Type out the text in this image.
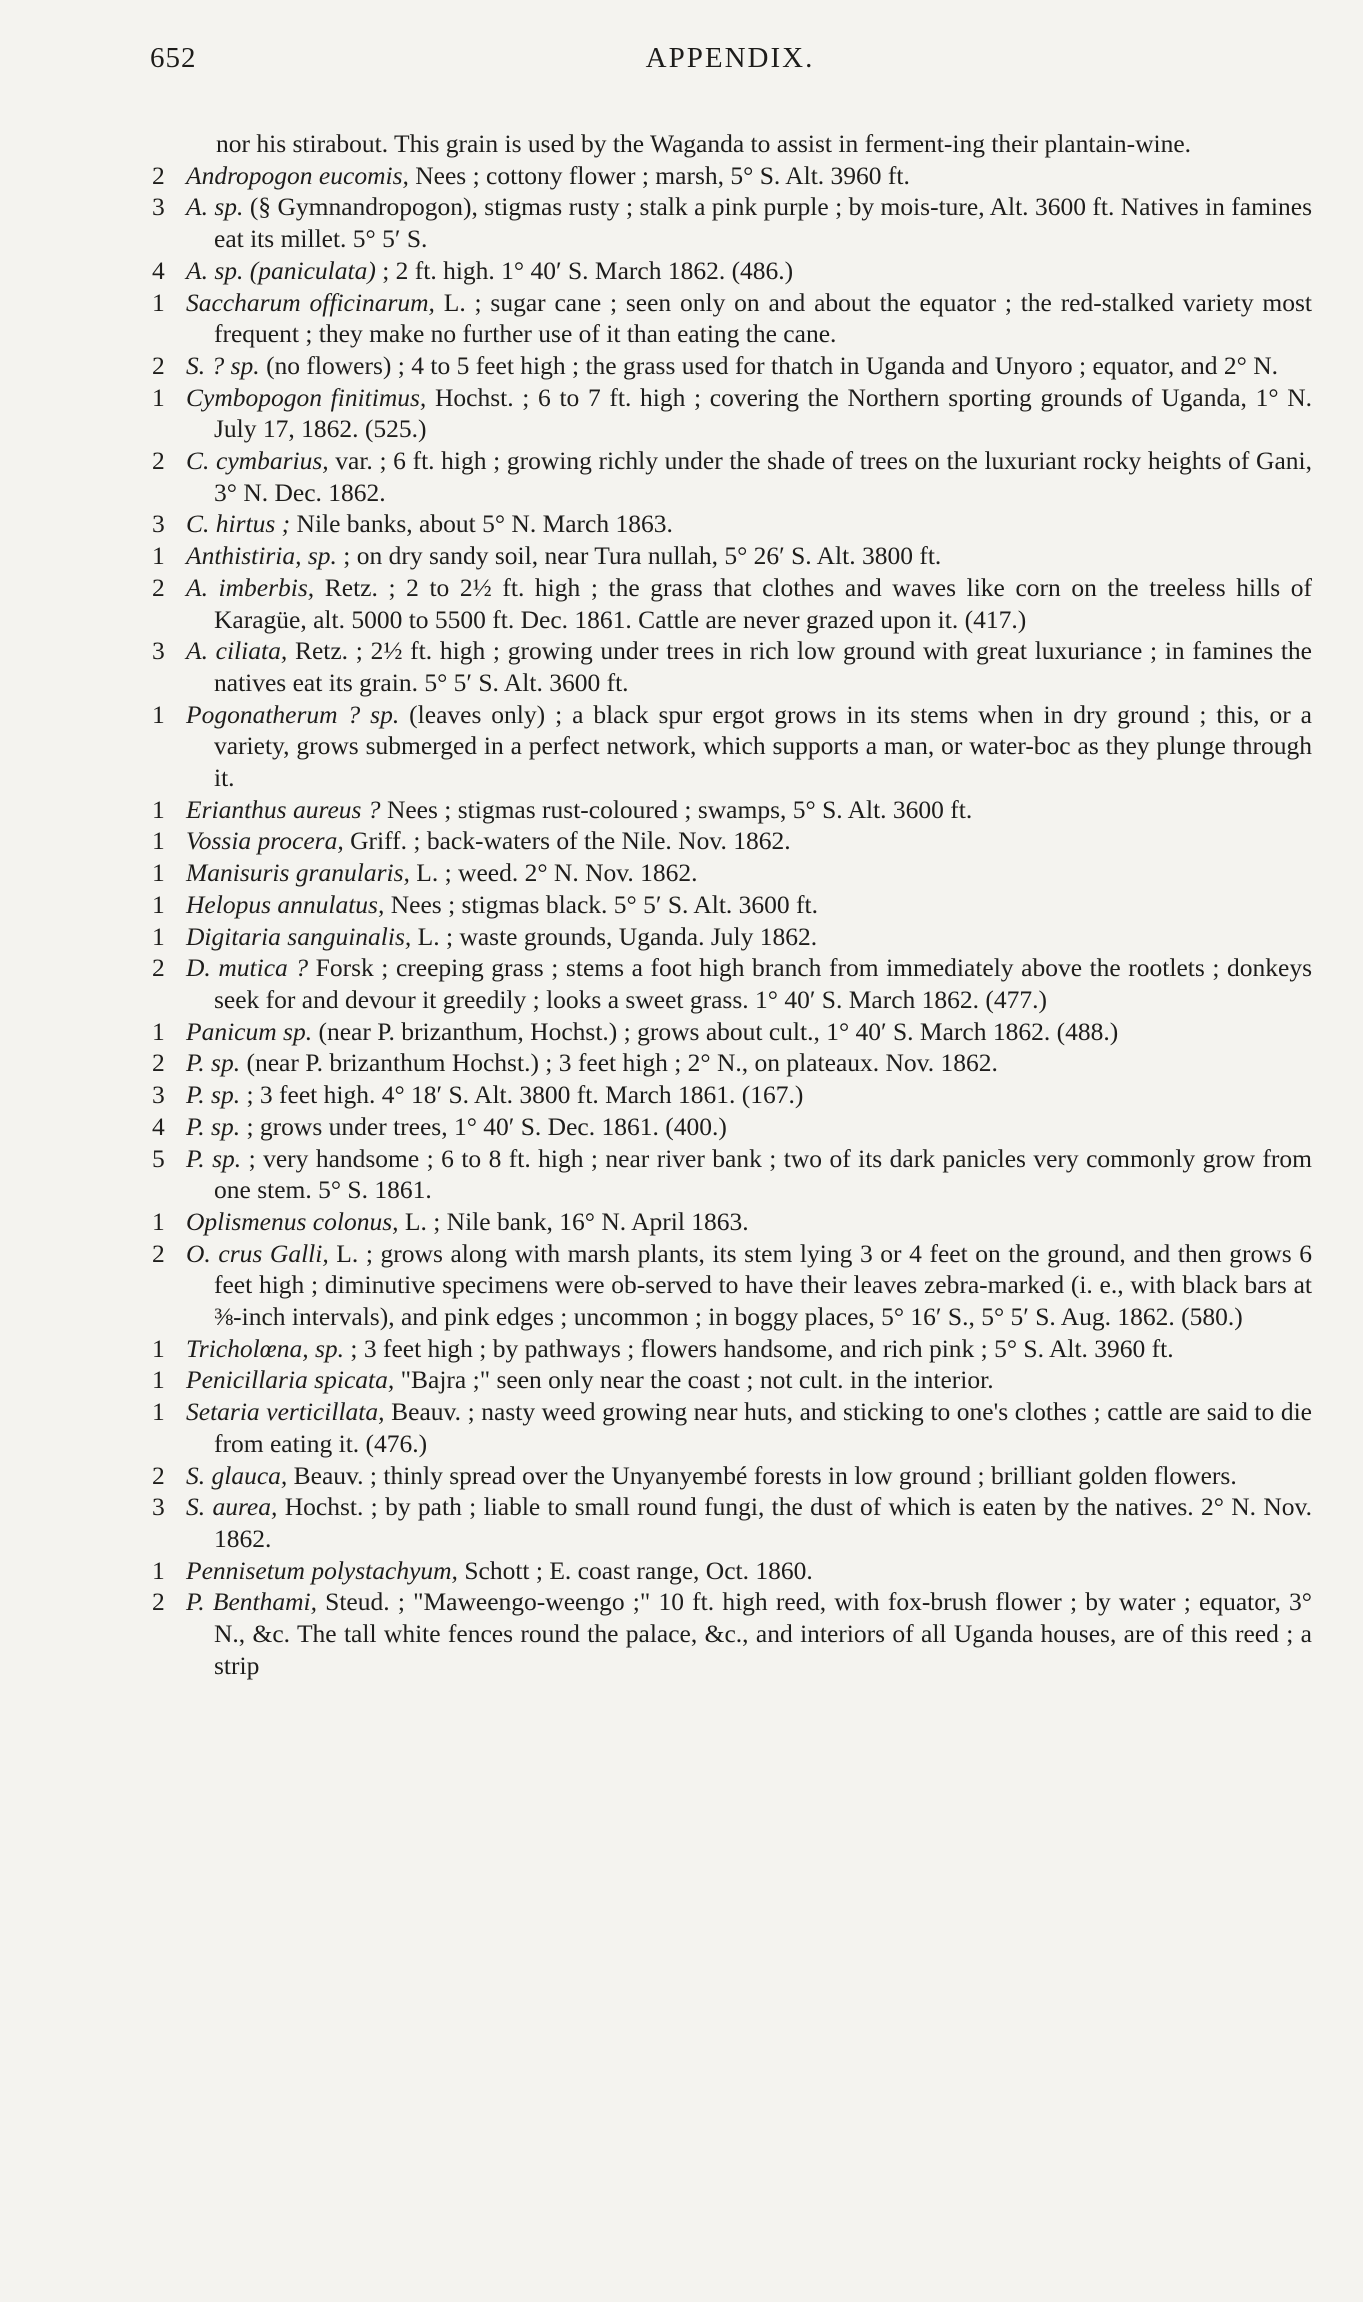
652	APPENDIX.
nor his stirabout. This grain is used by the Waganda to assist in ferment-ing their plantain-wine.
2 Andropogon eucomis, Nees ; cottony flower ; marsh, 5° S. Alt. 3960 ft.
3 A. sp. (§ Gymnandropogon), stigmas rusty ; stalk a pink purple ; by mois-ture, Alt. 3600 ft. Natives in famines eat its millet. 5° 5′ S.
4 A. sp. (paniculata) ; 2 ft. high. 1° 40′ S. March 1862. (486.)
1 Saccharum officinarum, L. ; sugar cane ; seen only on and about the equator ; the red-stalked variety most frequent ; they make no further use of it than eating the cane.
2 S. ? sp. (no flowers) ; 4 to 5 feet high ; the grass used for thatch in Uganda and Unyoro ; equator, and 2° N.
1 Cymbopogon finitimus, Hochst. ; 6 to 7 ft. high ; covering the Northern sporting grounds of Uganda, 1° N. July 17, 1862. (525.)
2 C. cymbarius, var. ; 6 ft. high ; growing richly under the shade of trees on the luxuriant rocky heights of Gani, 3° N. Dec. 1862.
3 C. hirtus ; Nile banks, about 5° N. March 1863.
1 Anthistiria, sp. ; on dry sandy soil, near Tura nullah, 5° 26′ S. Alt. 3800 ft.
2 A. imberbis, Retz. ; 2 to 2½ ft. high ; the grass that clothes and waves like corn on the treeless hills of Karagüe, alt. 5000 to 5500 ft. Dec. 1861. Cattle are never grazed upon it. (417.)
3 A. ciliata, Retz. ; 2½ ft. high ; growing under trees in rich low ground with great luxuriance ; in famines the natives eat its grain. 5° 5′ S. Alt. 3600 ft.
1 Pogonatherum ? sp. (leaves only) ; a black spur ergot grows in its stems when in dry ground ; this, or a variety, grows submerged in a perfect network, which supports a man, or water-boc as they plunge through it.
1 Erianthus aureus ? Nees ; stigmas rust-coloured ; swamps, 5° S. Alt. 3600 ft.
1 Vossia procera, Griff. ; back-waters of the Nile. Nov. 1862.
1 Manisuris granularis, L. ; weed. 2° N. Nov. 1862.
1 Helopus annulatus, Nees ; stigmas black. 5° 5′ S. Alt. 3600 ft.
1 Digitaria sanguinalis, L. ; waste grounds, Uganda. July 1862.
2 D. mutica ? Forsk ; creeping grass ; stems a foot high branch from immediately above the rootlets ; donkeys seek for and devour it greedily ; looks a sweet grass. 1° 40′ S. March 1862. (477.)
1 Panicum sp. (near P. brizanthum, Hochst.) ; grows about cult., 1° 40′ S. March 1862. (488.)
2 P. sp. (near P. brizanthum Hochst.) ; 3 feet high ; 2° N., on plateaux. Nov. 1862.
3 P. sp. ; 3 feet high. 4° 18′ S. Alt. 3800 ft. March 1861. (167.)
4 P. sp. ; grows under trees, 1° 40′ S. Dec. 1861. (400.)
5 P. sp. ; very handsome ; 6 to 8 ft. high ; near river bank ; two of its dark panicles very commonly grow from one stem. 5° S. 1861.
1 Oplismenus colonus, L. ; Nile bank, 16° N. April 1863.
2 O. crus Galli, L. ; grows along with marsh plants, its stem lying 3 or 4 feet on the ground, and then grows 6 feet high ; diminutive specimens were ob-served to have their leaves zebra-marked (i. e., with black bars at ⅜-inch intervals), and pink edges ; uncommon ; in boggy places, 5° 16′ S., 5° 5′ S. Aug. 1862. (580.)
1 Tricholœna, sp. ; 3 feet high ; by pathways ; flowers handsome, and rich pink ; 5° S. Alt. 3960 ft.
1 Penicillaria spicata, "Bajra ;" seen only near the coast ; not cult. in the interior.
1 Setaria verticillata, Beauv. ; nasty weed growing near huts, and sticking to one's clothes ; cattle are said to die from eating it. (476.)
2 S. glauca, Beauv. ; thinly spread over the Unyanyembé forests in low ground ; brilliant golden flowers.
3 S. aurea, Hochst. ; by path ; liable to small round fungi, the dust of which is eaten by the natives. 2° N. Nov. 1862.
1 Pennisetum polystachyum, Schott ; E. coast range, Oct. 1860.
2 P. Benthami, Steud. ; "Maweengo-weengo ;" 10 ft. high reed, with fox-brush flower ; by water ; equator, 3° N., &c. The tall white fences round the palace, &c., and interiors of all Uganda houses, are of this reed ; a strip
